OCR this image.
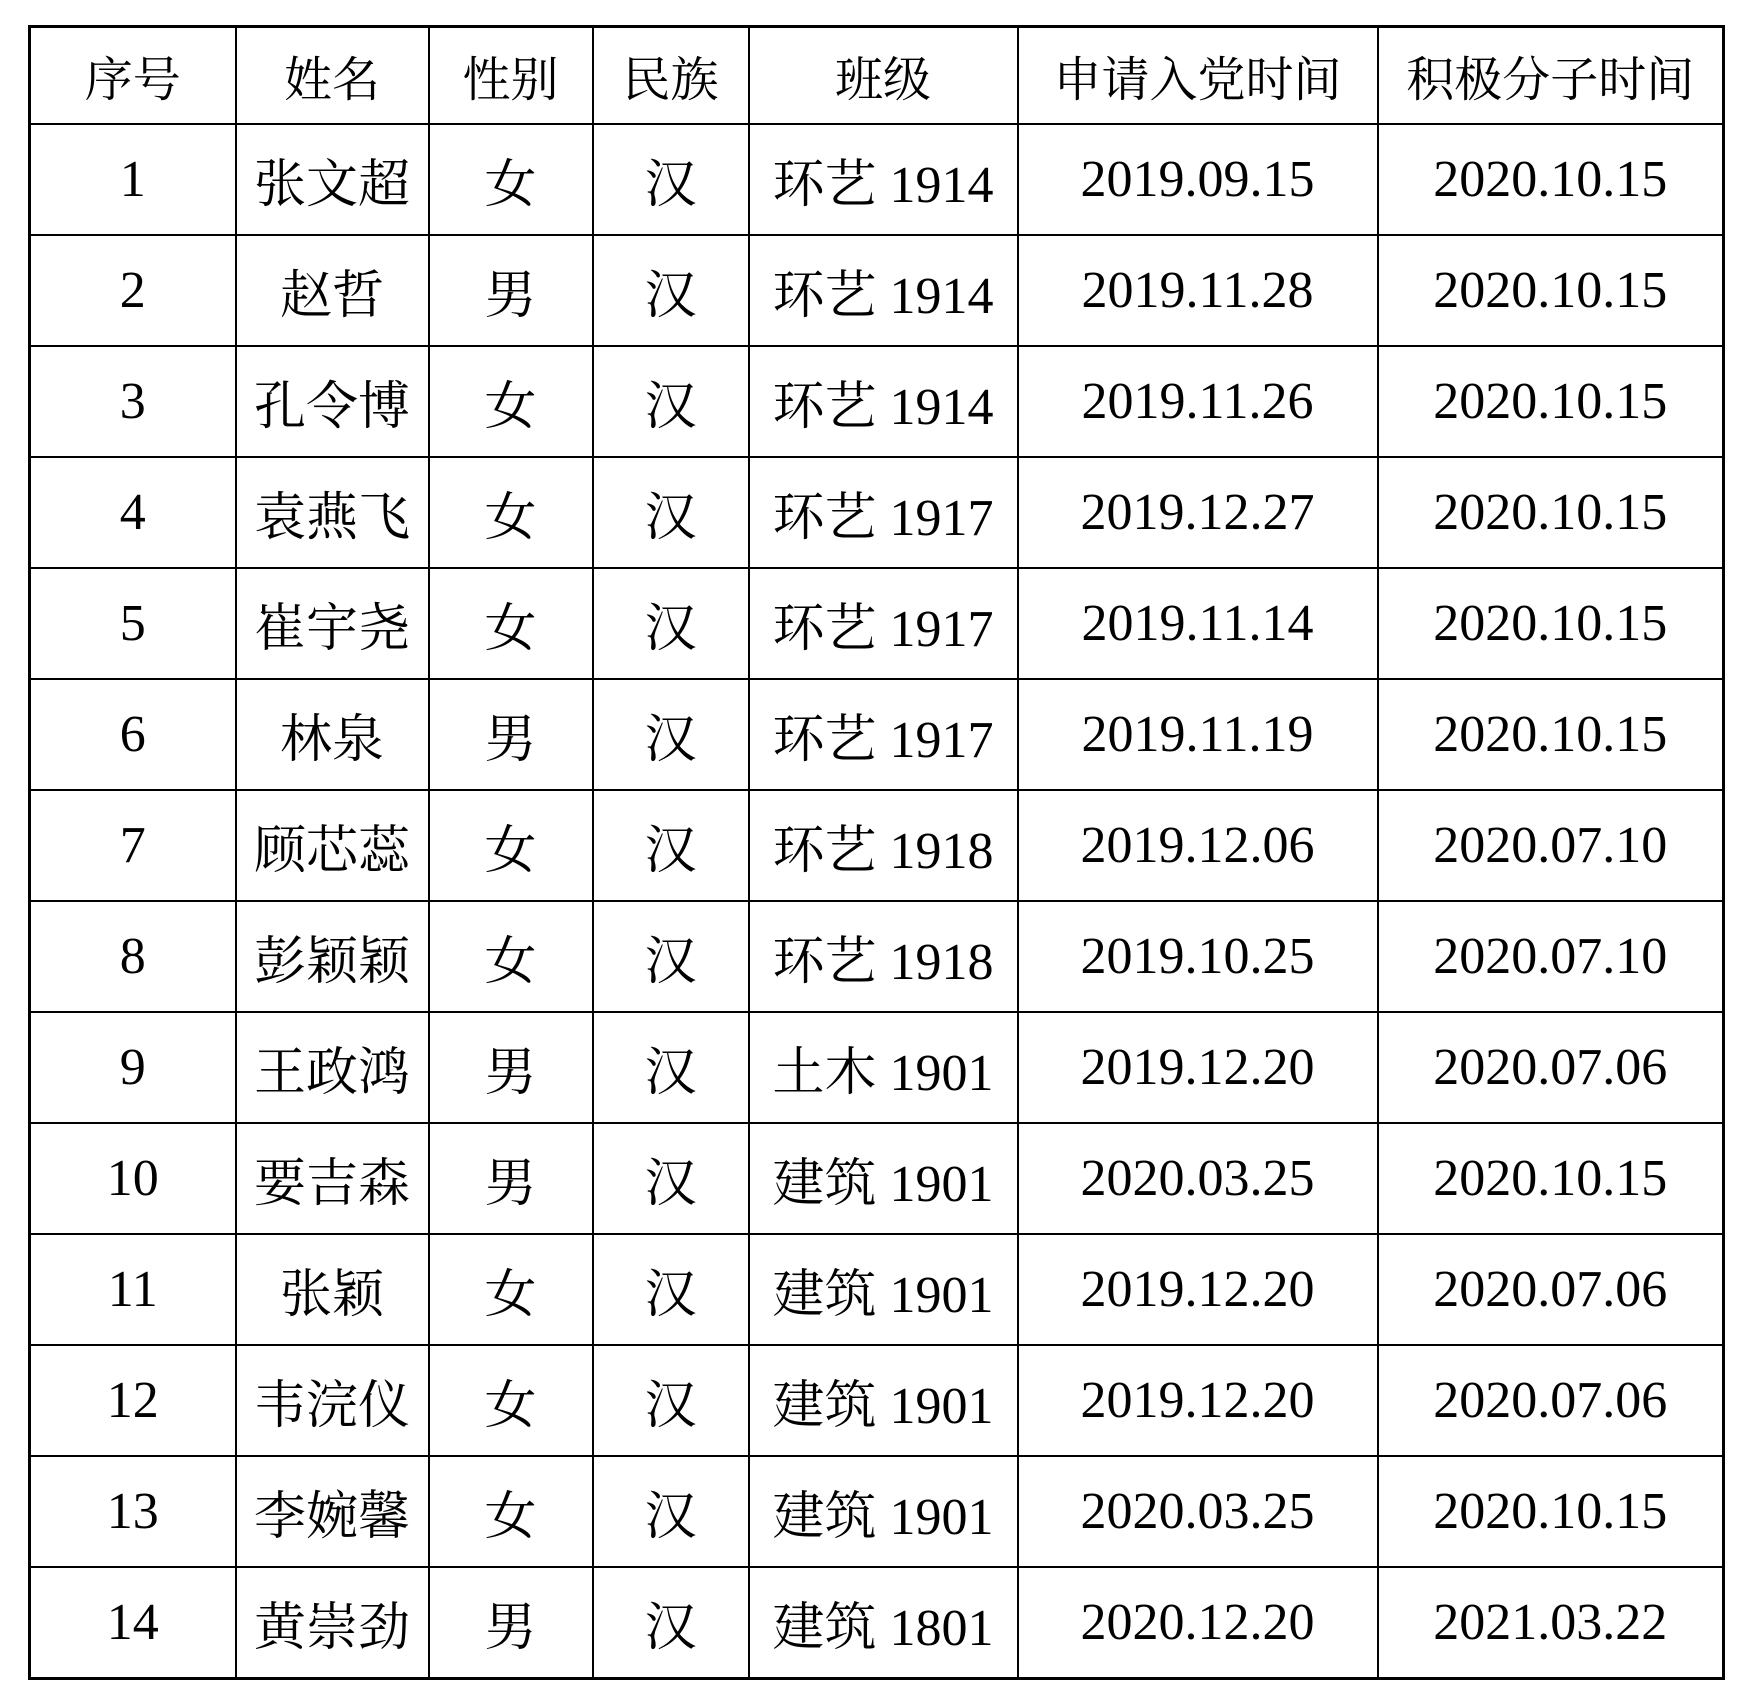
序号	姓名	性别	民族	班级	申请入党时间	积极分子时间
1	张文超	女	汉	环艺 1914	2019.09.15	2020.10.15
2	赵哲	男	汉	环艺 1914	2019.11.28	2020.10.15
3	孔令博	女	汉	环艺 1914	2019.11.26	2020.10.15
4	袁燕飞	女	汉	环艺 1917	2019.12.27	2020.10.15
5	崔宇尧	女	汉	环艺 1917	2019.11.14	2020.10.15
6	林泉	男	汉	环艺 1917	2019.11.19	2020.10.15
7	顾芯蕊	女	汉	环艺 1918	2019.12.06	2020.07.10
8	彭颖颖	女	汉	环艺 1918	2019.10.25	2020.07.10
9	王政鸿	男	汉	土木 1901	2019.12.20	2020.07.06
10	要吉森	男	汉	建筑 1901	2020.03.25	2020.10.15
11	张颖	女	汉	建筑 1901	2019.12.20	2020.07.06
12	韦浣仪	女	汉	建筑 1901	2019.12.20	2020.07.06
13	李婉馨	女	汉	建筑 1901	2020.03.25	2020.10.15
14	黄崇劲	男	汉	建筑 1801	2020.12.20	2021.03.22
